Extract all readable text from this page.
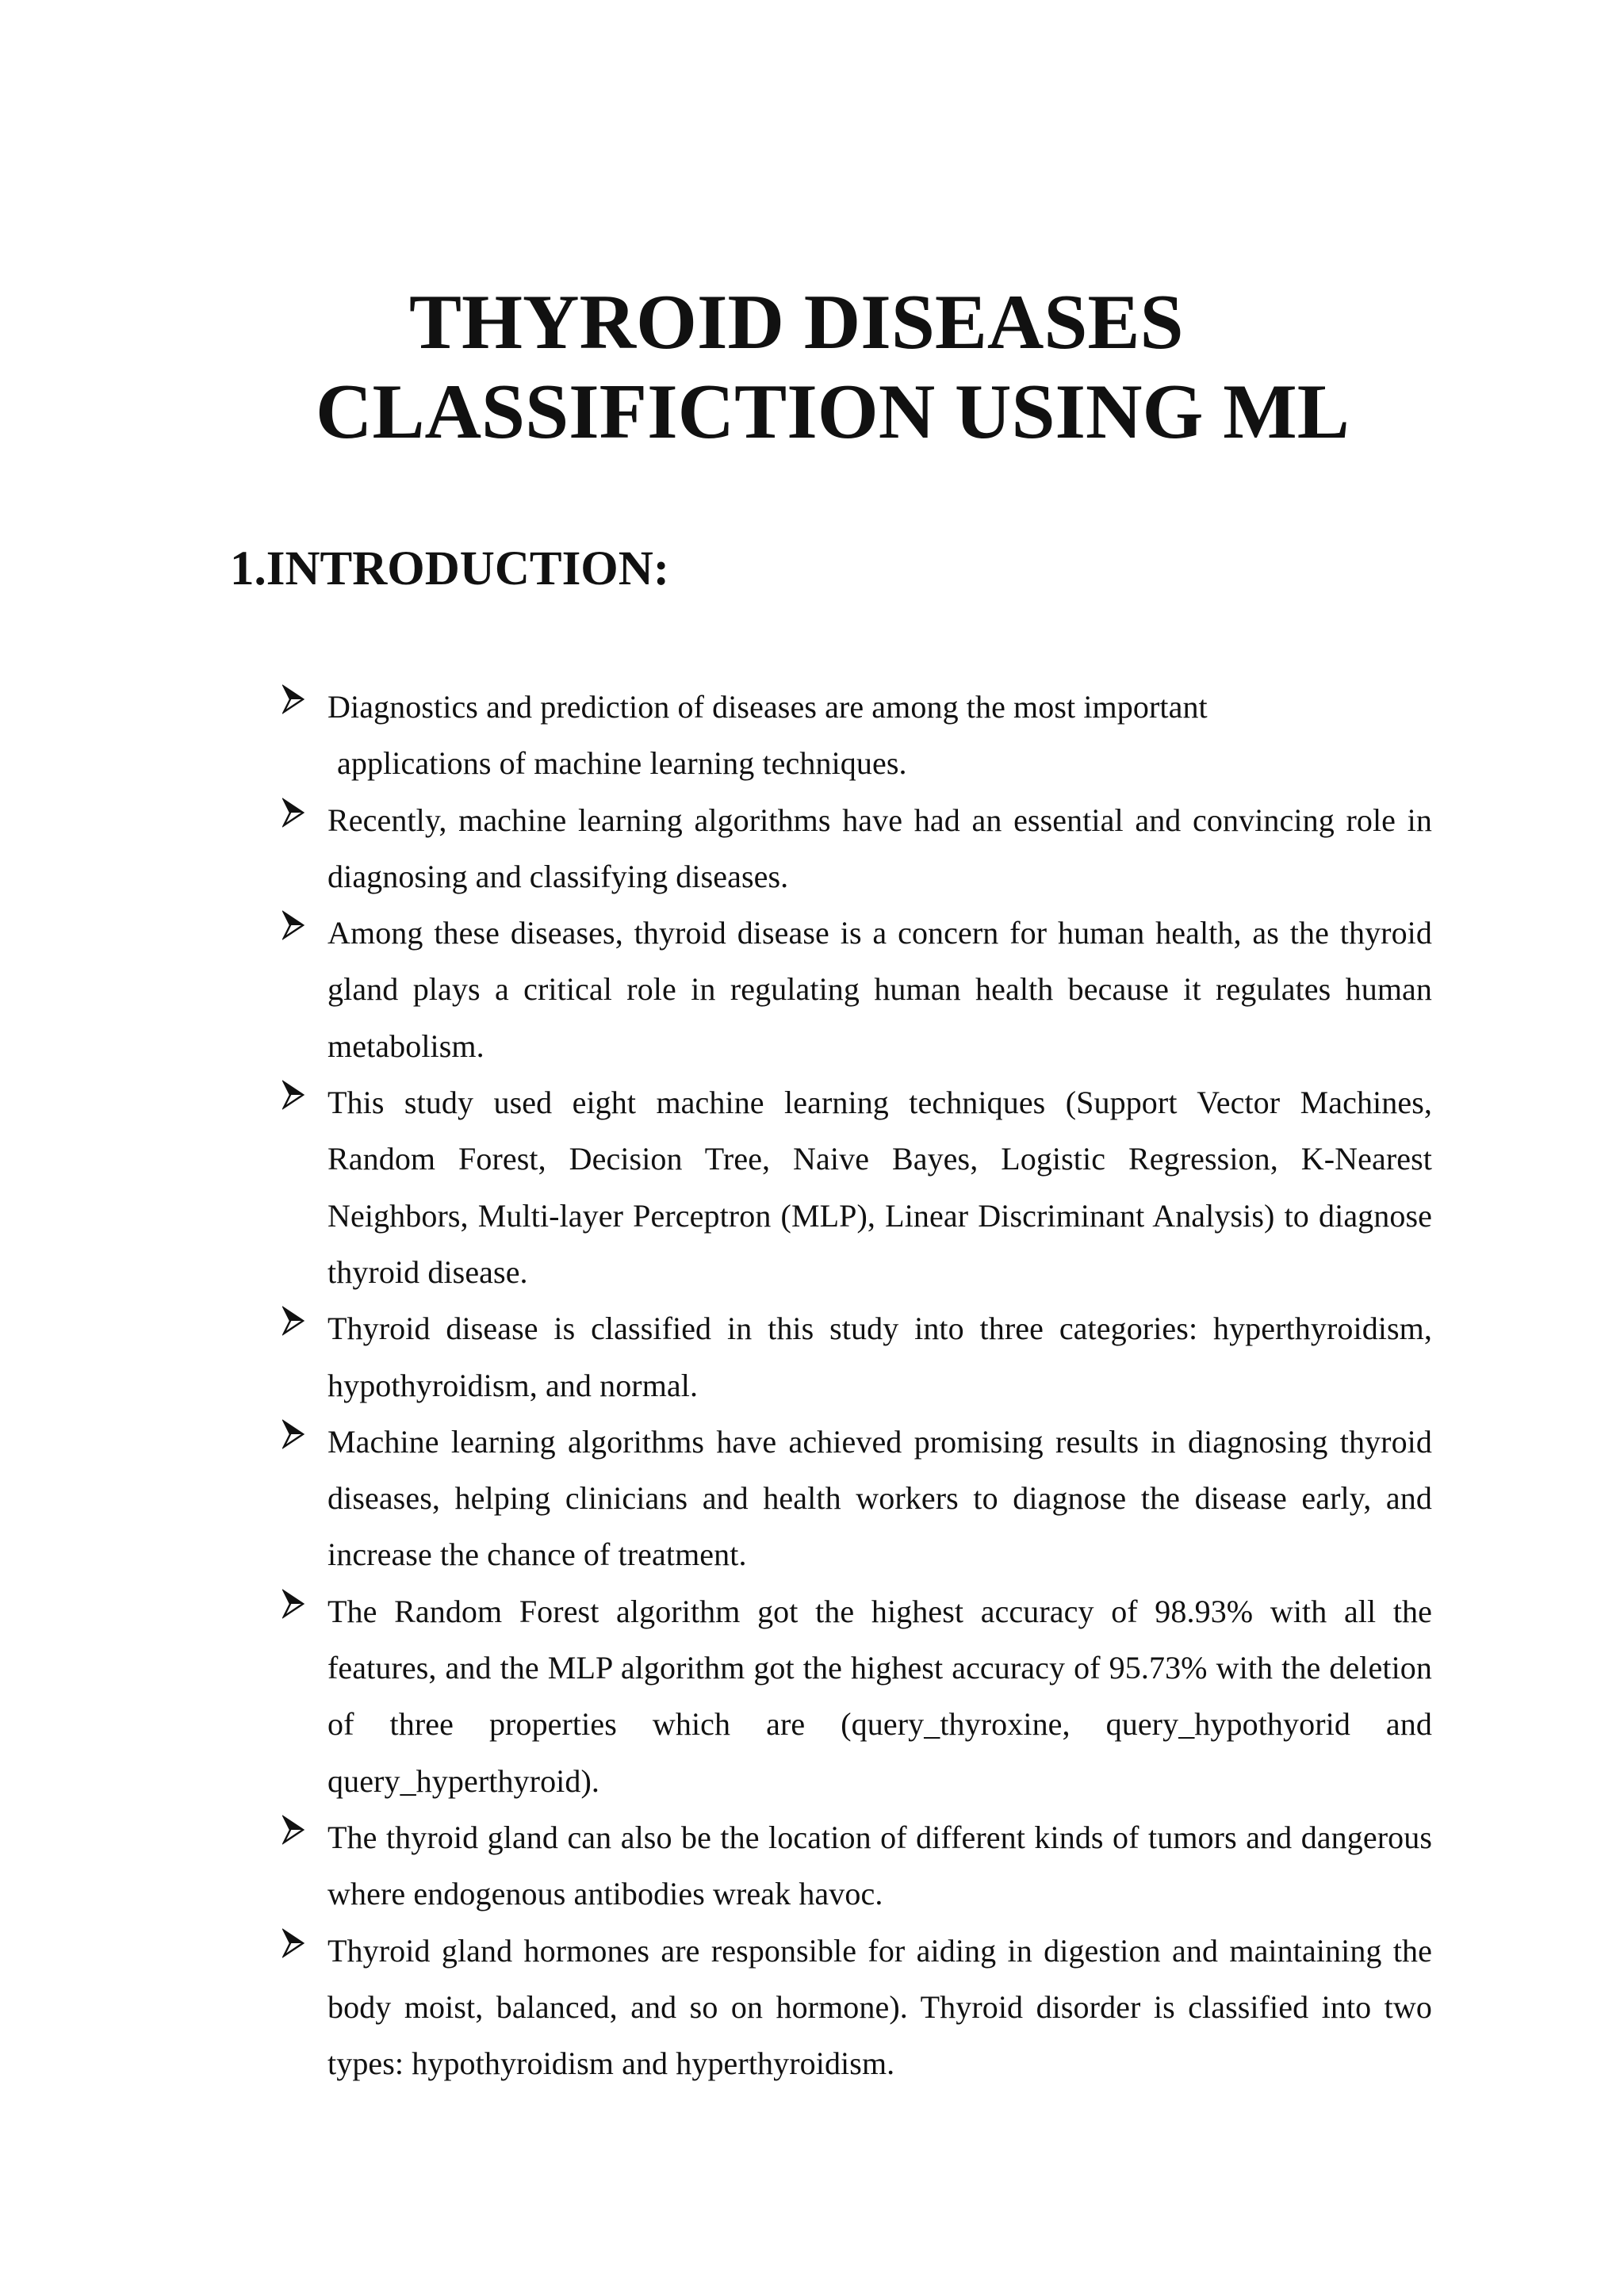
THYROID DISEASES
CLASSIFICTION USING ML
1.INTRODUCTION:
Diagnostics and prediction of diseases are among the most important
applications of machine learning techniques.
Recently, machine learning algorithms have had an essential and convincing role in diagnosing and classifying diseases.
Among these diseases, thyroid disease is a concern for human health, as the thyroid gland plays a critical role in regulating human health because it regulates human metabolism.
This study used eight machine learning techniques (Support Vector Machines, Random Forest, Decision Tree, Naive Bayes, Logistic Regression, K-Nearest Neighbors, Multi-layer Perceptron (MLP), Linear Discriminant Analysis) to diagnose thyroid disease.
Thyroid disease is classified in this study into three categories: hyperthyroidism, hypothyroidism, and normal.
Machine learning algorithms have achieved promising results in diagnosing thyroid diseases, helping clinicians and health workers to diagnose the disease early, and increase the chance of treatment.
The Random Forest algorithm got the highest accuracy of 98.93% with all the features, and the MLP algorithm got the highest accuracy of 95.73% with the deletion of three properties which are (query_thyroxine, query_hypothyorid and query_hyperthyroid).
The thyroid gland can also be the location of different kinds of tumors and dangerous where endogenous antibodies wreak havoc.
Thyroid gland hormones are responsible for aiding in digestion and maintaining the body moist, balanced, and so on hormone). Thyroid disorder is classified into two types: hypothyroidism and hyperthyroidism.
